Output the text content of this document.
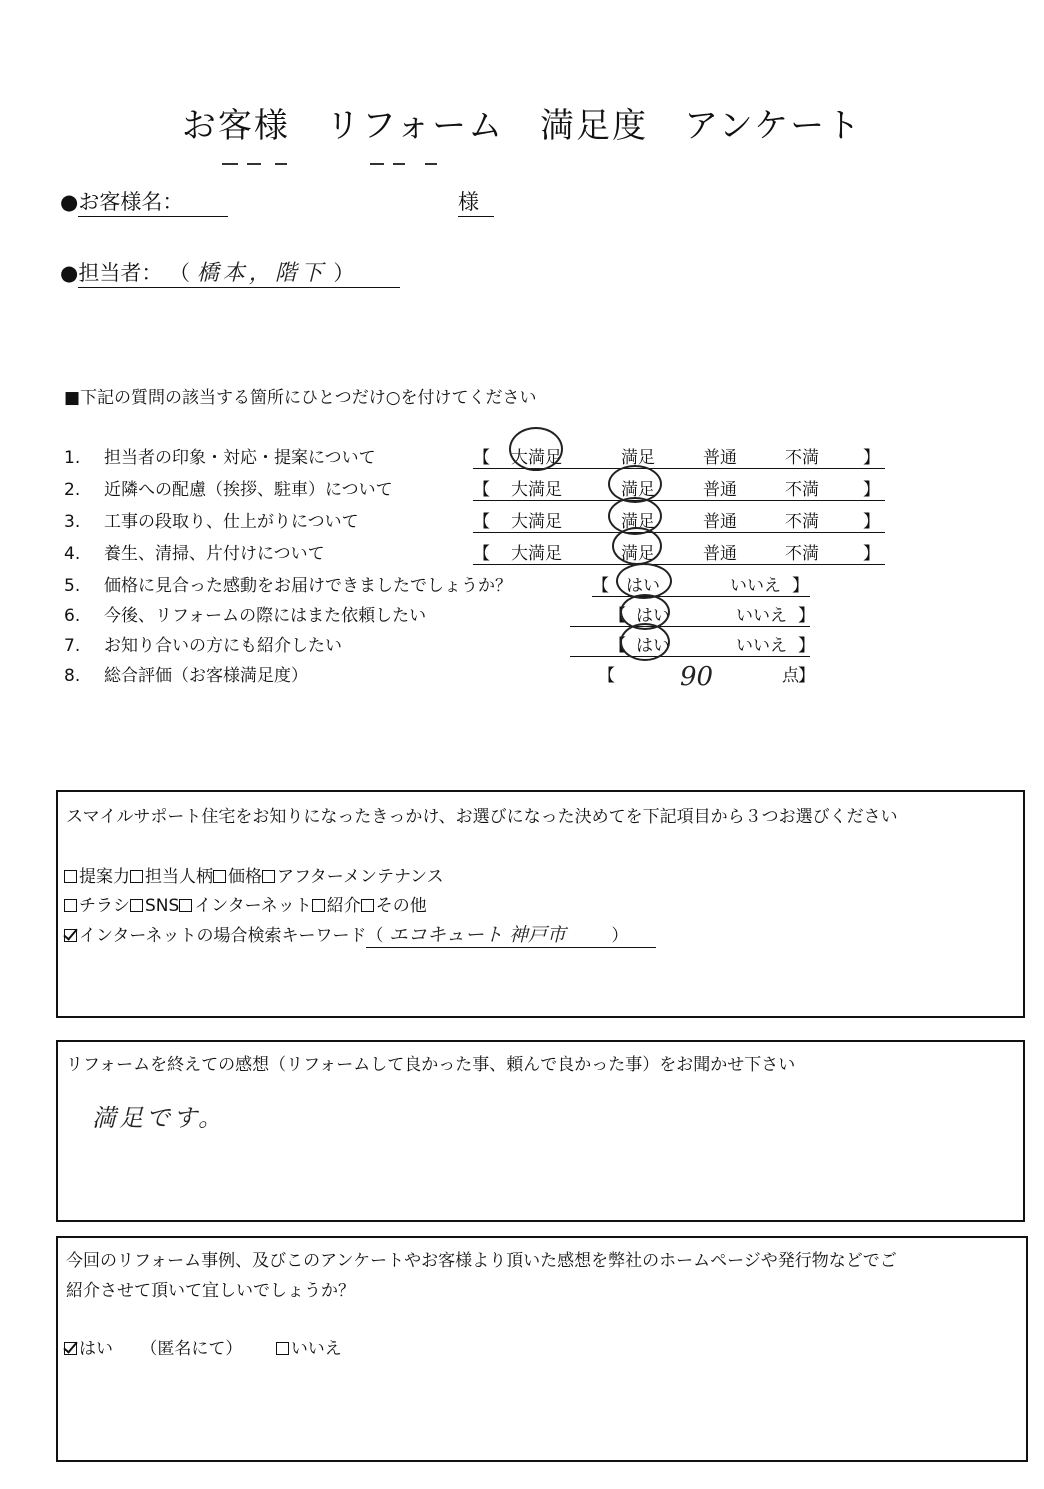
お客様　リフォーム　満足度　アンケート
●お客様名：	様
●担当者： （ 橋本，階下 ）
■下記の質問の該当する箇所にひとつだけ○を付けてください
1. 担当者の印象・対応・提案について	【 大満足	満足	普通	不満	】
2. 近隣への配慮（挨拶、駐車）について	【 大満足	満足	普通	不満	】
3. 工事の段取り、仕上がりについて	【 大満足	満足	普通	不満	】
4. 養生、清掃、片付けについて	【 大満足	満足	普通	不満	】
5. 価格に見合った感動をお届けできましたでしょうか？	【 はい	いいえ 】
6. 今後、リフォームの際にはまた依頼したい	【 はい	いいえ 】
7. お知り合いの方にも紹介したい	【 はい	いいえ 】
8. 総合評価（お客様満足度）	【	90	点 】
スマイルサポート住宅をお知りになったきっかけ、お選びになった決めてを下記項目から３つお選びください
提案力 担当人柄 価格 アフターメンテナンス
チラシ SNS インターネット 紹介 その他
インターネットの場合検索キーワード（ エコキュート 神戸市	）
リフォームを終えての感想（リフォームして良かった事、頼んで良かった事）をお聞かせ下さい
満足です。
今回のリフォーム事例、及びこのアンケートやお客様より頂いた感想を弊社のホームページや発行物などでご
紹介させて頂いて宜しいでしょうか？
はい （匿名にて）	いいえ
